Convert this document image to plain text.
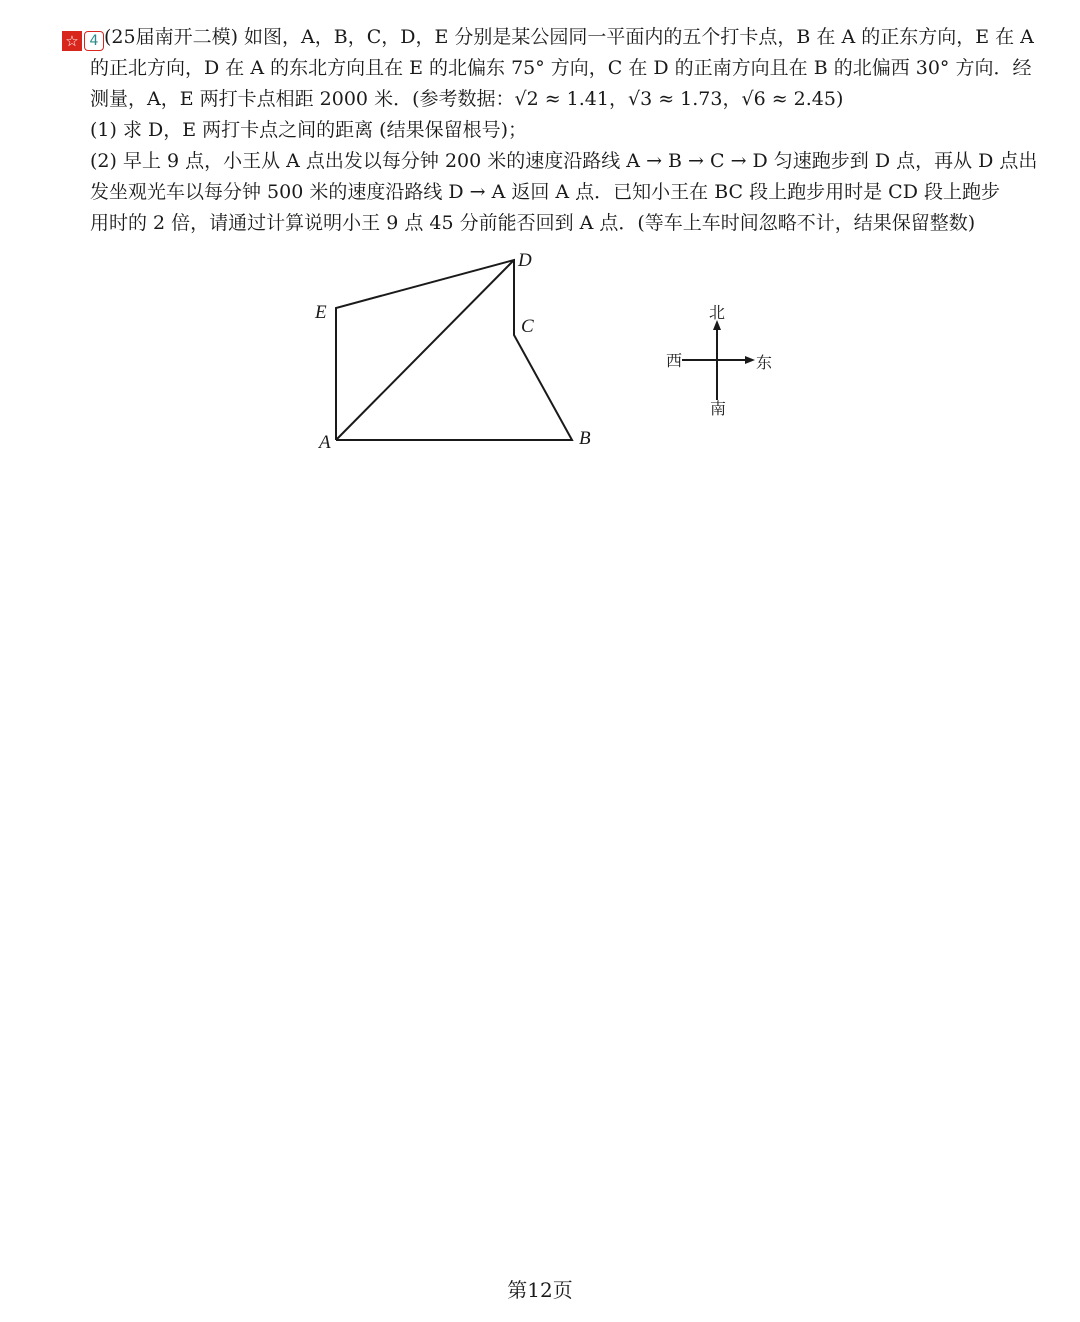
☆ 4 (25届南开二模) 如图，A，B，C，D，E 分别是某公园同一平面内的五个打卡点，B 在 A 的正东方向，E 在 A
的正北方向，D 在 A 的东北方向且在 E 的北偏东 75° 方向，C 在 D 的正南方向且在 B 的北偏西 30° 方向．经
测量，A，E 两打卡点相距 2000 米．(参考数据：√2 ≈ 1.41，√3 ≈ 1.73，√6 ≈ 2.45)
(1) 求 D，E 两打卡点之间的距离 (结果保留根号)；
(2) 早上 9 点，小王从 A 点出发以每分钟 200 米的速度沿路线 A → B → C → D 匀速跑步到 D 点，再从 D 点出
发坐观光车以每分钟 500 米的速度沿路线 D → A 返回 A 点．已知小王在 BC 段上跑步用时是 CD 段上跑步
用时的 2 倍，请通过计算说明小王 9 点 45 分前能否回到 A 点．(等车上车时间忽略不计，结果保留整数)
A	B
C
D
E	北
南
东
西
第12页
